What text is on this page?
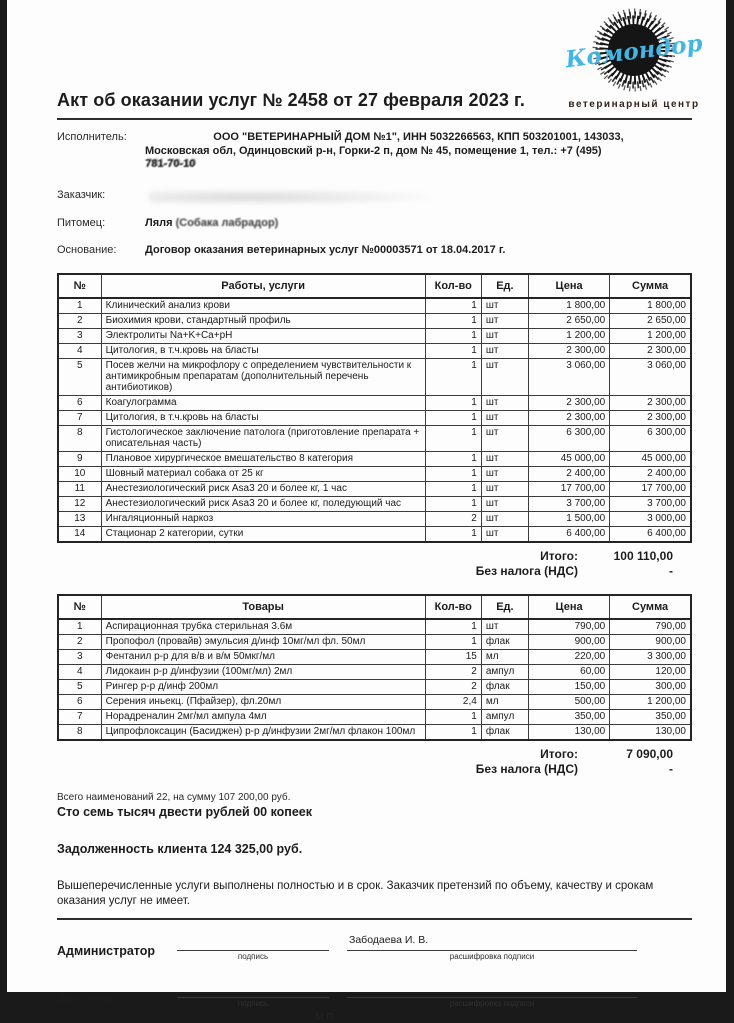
Комондор
ветеринарный центр
Акт об оказании услуг № 2458 от 27 февраля 2023 г.
Исполнитель:	ООО "ВЕТЕРИНАРНЫЙ ДОМ №1", ИНН 5032266563, КПП 503201001, 143033,
Московская обл, Одинцовский р-н, Горки-2 п, дом № 45, помещение 1, тел.: +7 (495)
781-70-10
Заказчик:
Питомец:	Ляля (Собака лабрадор)
Основание:	Договор оказания ветеринарных услуг №00003571 от 18.04.2017 г.
№	Работы, услуги	Кол-во	Ед.	Цена	Сумма
1	Клинический анализ крови	1	шт	1 800,00	1 800,00
2	Биохимия крови, стандартный профиль	1	шт	2 650,00	2 650,00
3	Электролиты Na+K+Ca+pH	1	шт	1 200,00	1 200,00
4	Цитология, в т.ч.кровь на бласты	1	шт	2 300,00	2 300,00
5	Посев желчи на микрофлору с определением чувствительности к антимикробным препаратам (дополнительный перечень антибиотиков)	1	шт	3 060,00	3 060,00
6	Коагулограмма	1	шт	2 300,00	2 300,00
7	Цитология, в т.ч.кровь на бласты	1	шт	2 300,00	2 300,00
8	Гистологическое заключение патолога (приготовление препарата + описательная часть)	1	шт	6 300,00	6 300,00
9	Плановое хирургическое вмешательство 8 категория	1	шт	45 000,00	45 000,00
10	Шовный материал собака от 25 кг	1	шт	2 400,00	2 400,00
11	Анестезиологический риск Asa3 20 и более кг, 1 час	1	шт	17 700,00	17 700,00
12	Анестезиологический риск Asa3 20 и более кг, поледующий час	1	шт	3 700,00	3 700,00
13	Ингаляционный наркоз	2	шт	1 500,00	3 000,00
14	Стационар 2 категории, сутки	1	шт	6 400,00	6 400,00
Итого:	100 110,00
Без налога (НДС)	-
№	Товары	Кол-во	Ед.	Цена	Сумма
1	Аспирационная трубка стерильная 3.6м	1	шт	790,00	790,00
2	Пропофол (провайв) эмульсия д/инф 10мг/мл фл. 50мл	1	флак	900,00	900,00
3	Фентанил р-р для в/в и в/м 50мкг/мл	15	мл	220,00	3 300,00
4	Лидокаин р-р д/инфузии (100мг/мл) 2мл	2	ампул	60,00	120,00
5	Рингер р-р д/инф 200мл	2	флак	150,00	300,00
6	Серения иньекц. (Пфайзер), фл.20мл	2,4	мл	500,00	1 200,00
7	Норадреналин 2мг/мл ампула 4мл	1	ампул	350,00	350,00
8	Ципрофлоксацин (Басиджен) р-р д/инфузии 2мг/мл флакон 100мл	1	флак	130,00	130,00
Итого:	7 090,00
Без налога (НДС)	-
Всего наименований 22, на сумму 107 200,00 руб.
Сто семь тысяч двести рублей 00 копеек
Задолженность клиента 124 325,00 руб.
Вышеперечисленные услуги выполнены полностью и в срок. Заказчик претензий по объему, качеству и срокам оказания услуг не имеет.
Администратор	подпись
Забодаева И. В.
расшифровка подписи
Заказчик	подпись	расшифровка подписи
М.П.
